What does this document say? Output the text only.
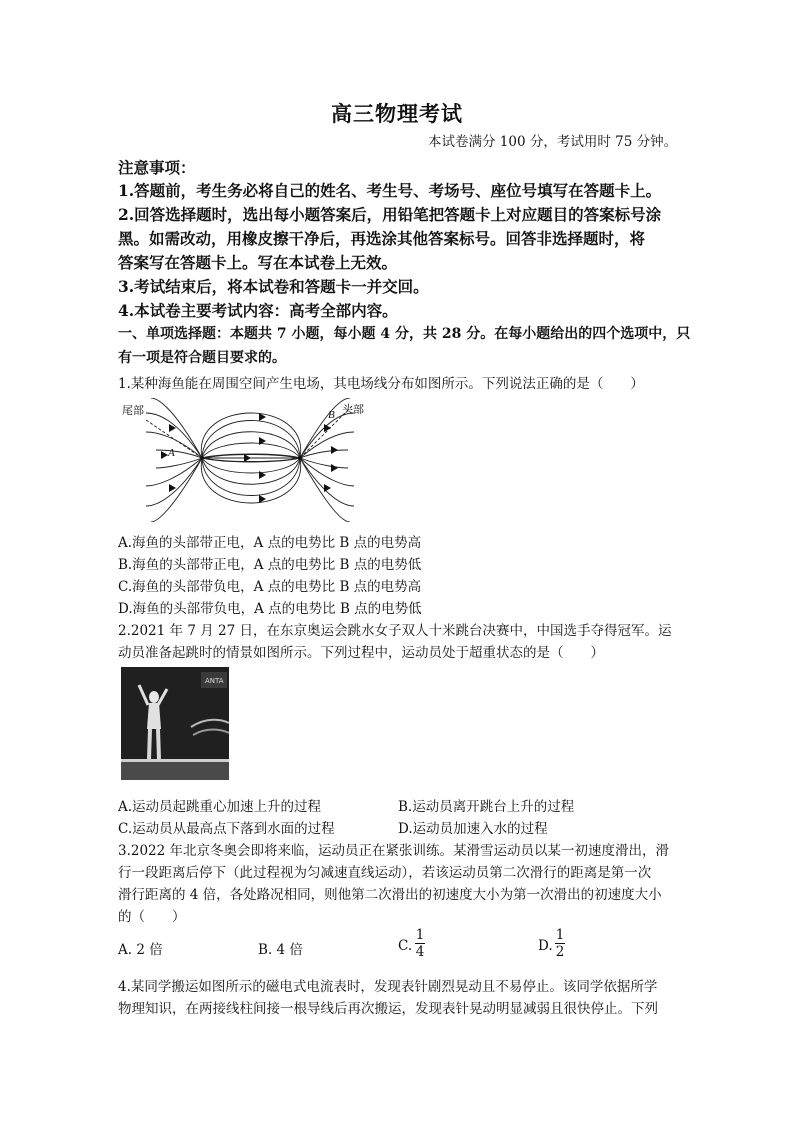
高三物理考试
本试卷满分 100 分，考试用时 75 分钟。
注意事项：
1.答题前，考生务必将自己的姓名、考生号、考场号、座位号填写在答题卡上。
2.回答选择题时，选出每小题答案后，用铅笔把答题卡上对应题目的答案标号涂
黑。如需改动，用橡皮擦干净后，再选涂其他答案标号。回答非选择题时，将
答案写在答题卡上。写在本试卷上无效。
3.考试结束后，将本试卷和答题卡一并交回。
4.本试卷主要考试内容：高考全部内容。
一、单项选择题：本题共 7 小题，每小题 4 分，共 28 分。在每小题给出的四个选项中，只
有一项是符合题目要求的。
1.某种海鱼能在周围空间产生电场，其电场线分布如图所示。下列说法正确的是（　　）
尾部	头部
A
B
A.海鱼的头部带正电，A 点的电势比 B 点的电势高
B.海鱼的头部带正电，A 点的电势比 B 点的电势低
C.海鱼的头部带负电，A 点的电势比 B 点的电势高
D.海鱼的头部带负电，A 点的电势比 B 点的电势低
2.2021 年 7 月 27 日，在东京奥运会跳水女子双人十米跳台决赛中，中国选手夺得冠军。运
动员准备起跳时的情景如图所示。下列过程中，运动员处于超重状态的是（　　）
ANTA
A.运动员起跳重心加速上升的过程	B.运动员离开跳台上升的过程
C.运动员从最高点下落到水面的过程	D.运动员加速入水的过程
3.2022 年北京冬奥会即将来临，运动员正在紧张训练。某滑雪运动员以某一初速度滑出，滑
行一段距离后停下（此过程视为匀减速直线运动），若该运动员第二次滑行的距离是第一次
滑行距离的 4 倍，各处路况相同，则他第二次滑出的初速度大小为第一次滑出的初速度大小
的（　　）
A. 2 倍	B. 4 倍	C.
1
4	D.
1
2
4.某同学搬运如图所示的磁电式电流表时，发现表针剧烈晃动且不易停止。该同学依据所学
物理知识，在两接线柱间接一根导线后再次搬运，发现表针晃动明显减弱且很快停止。下列
